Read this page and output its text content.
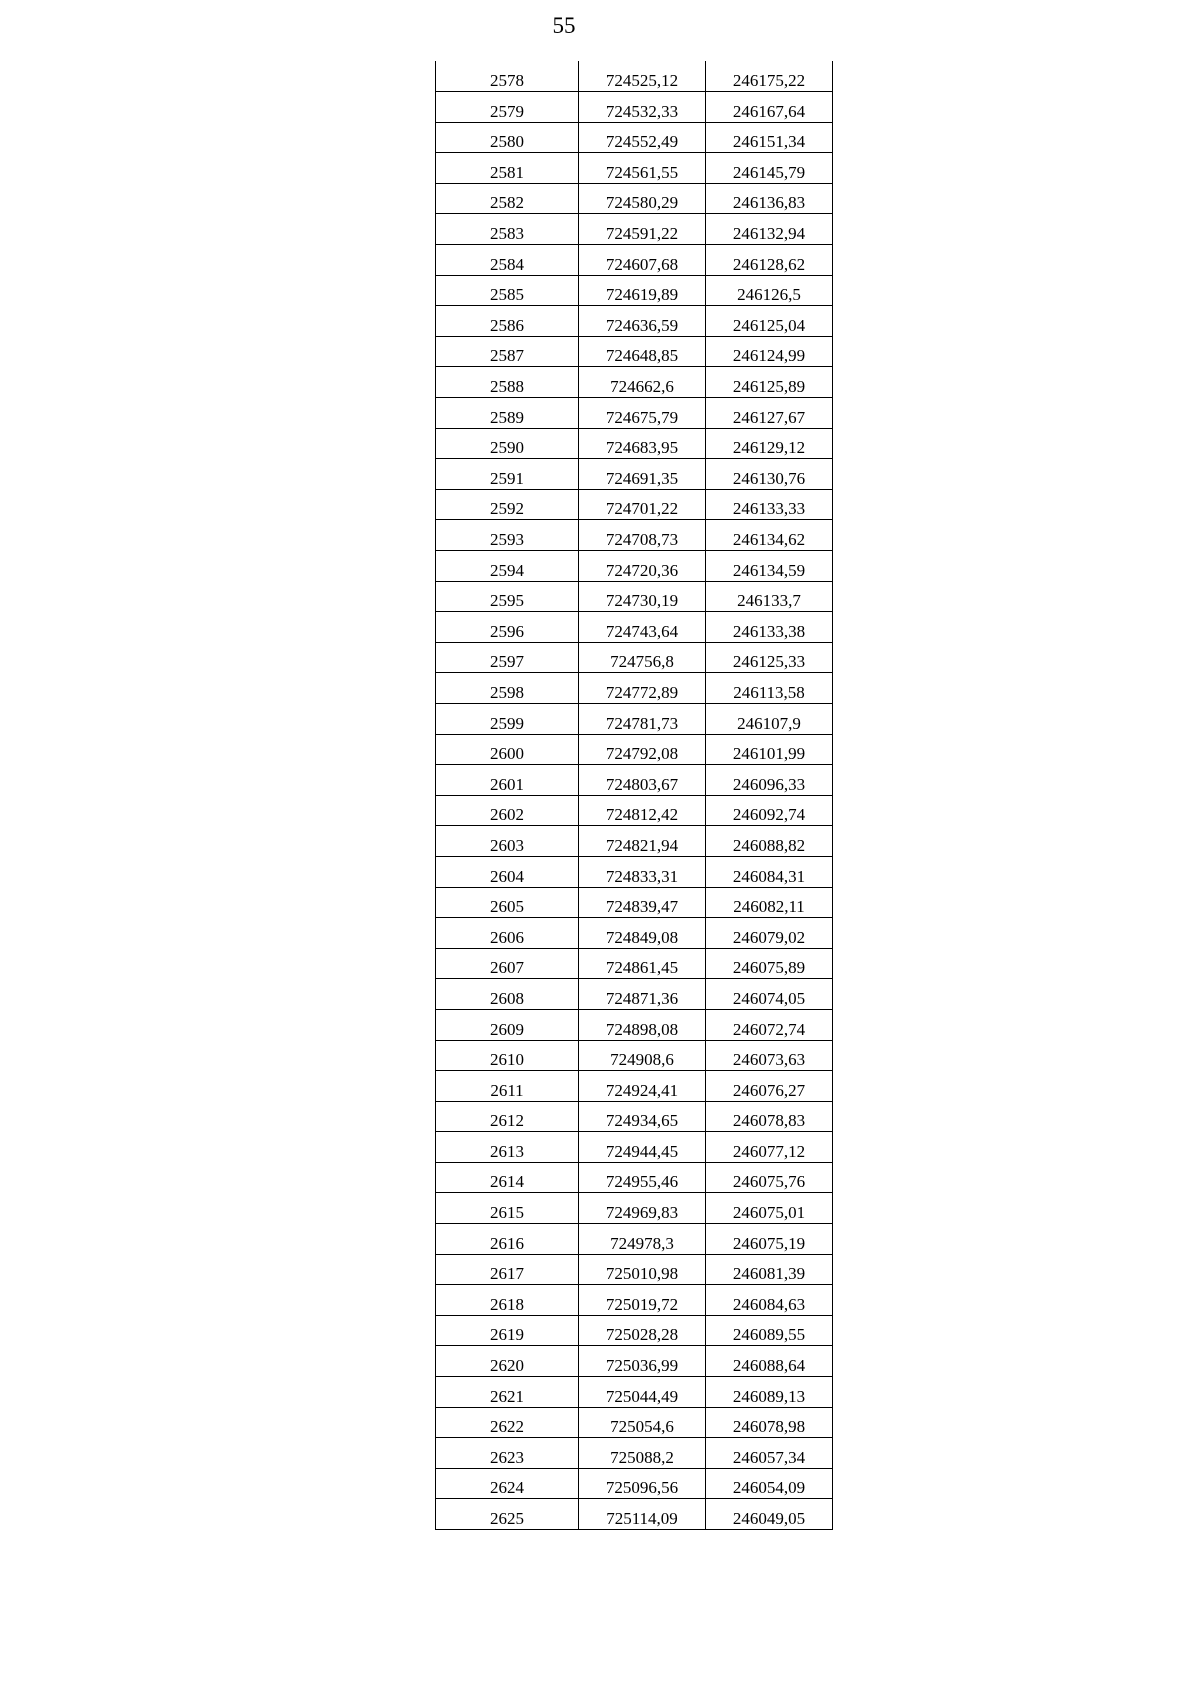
55
2578	724525,12	246175,22
2579	724532,33	246167,64
2580	724552,49	246151,34
2581	724561,55	246145,79
2582	724580,29	246136,83
2583	724591,22	246132,94
2584	724607,68	246128,62
2585	724619,89	246126,5
2586	724636,59	246125,04
2587	724648,85	246124,99
2588	724662,6	246125,89
2589	724675,79	246127,67
2590	724683,95	246129,12
2591	724691,35	246130,76
2592	724701,22	246133,33
2593	724708,73	246134,62
2594	724720,36	246134,59
2595	724730,19	246133,7
2596	724743,64	246133,38
2597	724756,8	246125,33
2598	724772,89	246113,58
2599	724781,73	246107,9
2600	724792,08	246101,99
2601	724803,67	246096,33
2602	724812,42	246092,74
2603	724821,94	246088,82
2604	724833,31	246084,31
2605	724839,47	246082,11
2606	724849,08	246079,02
2607	724861,45	246075,89
2608	724871,36	246074,05
2609	724898,08	246072,74
2610	724908,6	246073,63
2611	724924,41	246076,27
2612	724934,65	246078,83
2613	724944,45	246077,12
2614	724955,46	246075,76
2615	724969,83	246075,01
2616	724978,3	246075,19
2617	725010,98	246081,39
2618	725019,72	246084,63
2619	725028,28	246089,55
2620	725036,99	246088,64
2621	725044,49	246089,13
2622	725054,6	246078,98
2623	725088,2	246057,34
2624	725096,56	246054,09
2625	725114,09	246049,05
